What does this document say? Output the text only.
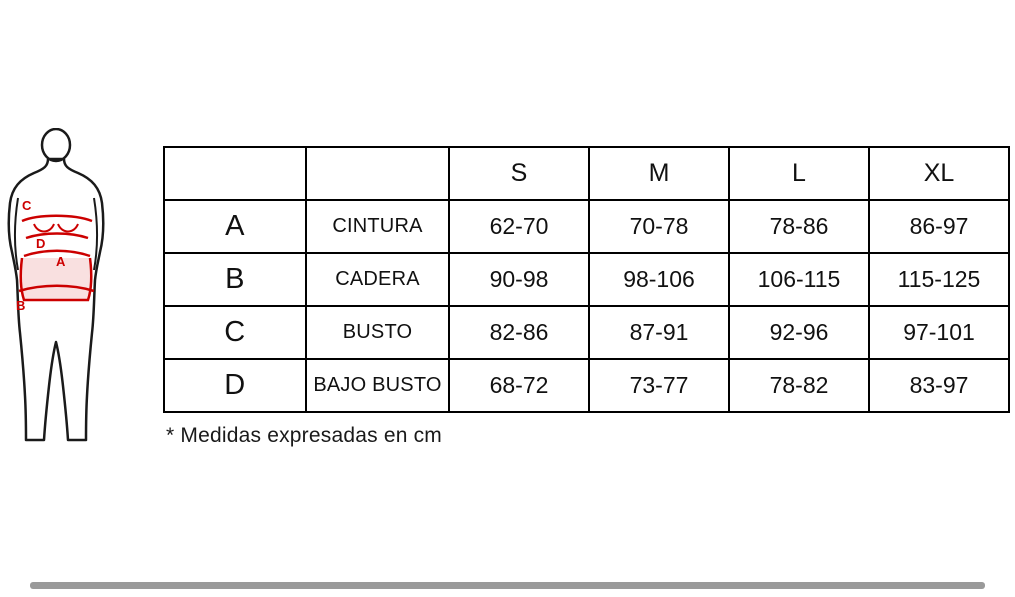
C
D
A
B
		S	M	L	XL
A	CINTURA	62-70	70-78	78-86	86-97
B	CADERA	90-98	98-106	106-115	115-125
C	BUSTO	82-86	87-91	92-96	97-101
D	BAJO BUSTO	68-72	73-77	78-82	83-97
* Medidas expresadas en cm
